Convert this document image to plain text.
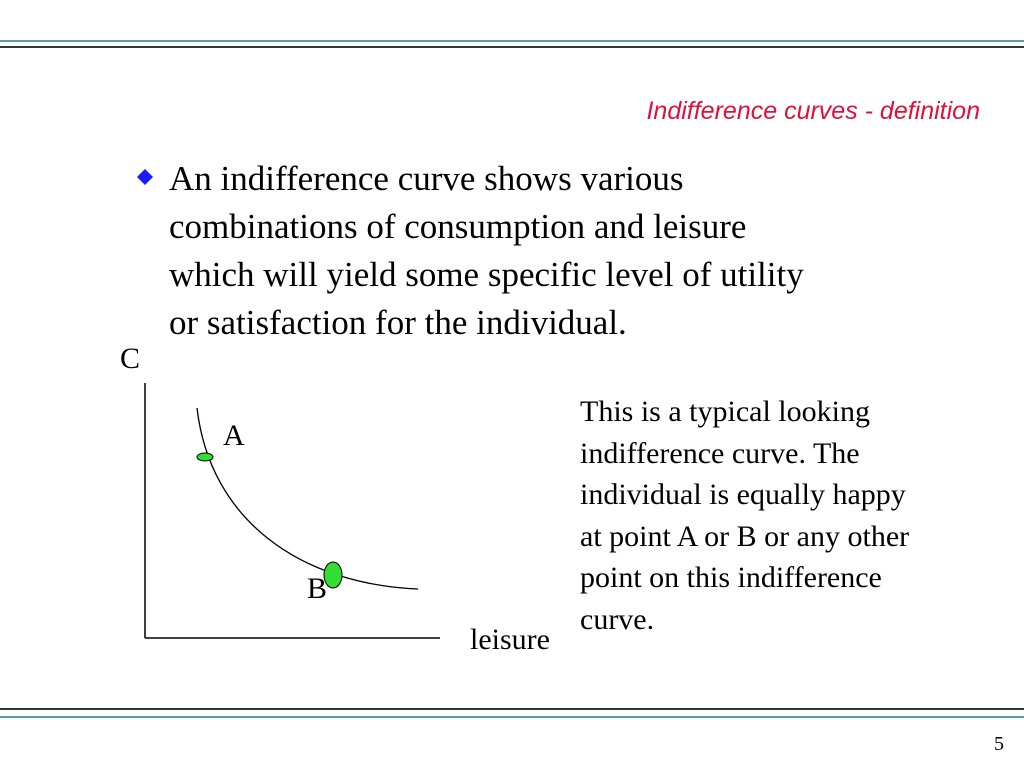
Indifference curves - definition
An indifference curve shows various
combinations of consumption and leisure
which will yield some specific level of utility
or satisfaction for the individual.
C
leisure
A
B
This is a typical looking
indifference curve. The
individual is equally happy
at point A or B or any other
point on this indifference
curve.
5
